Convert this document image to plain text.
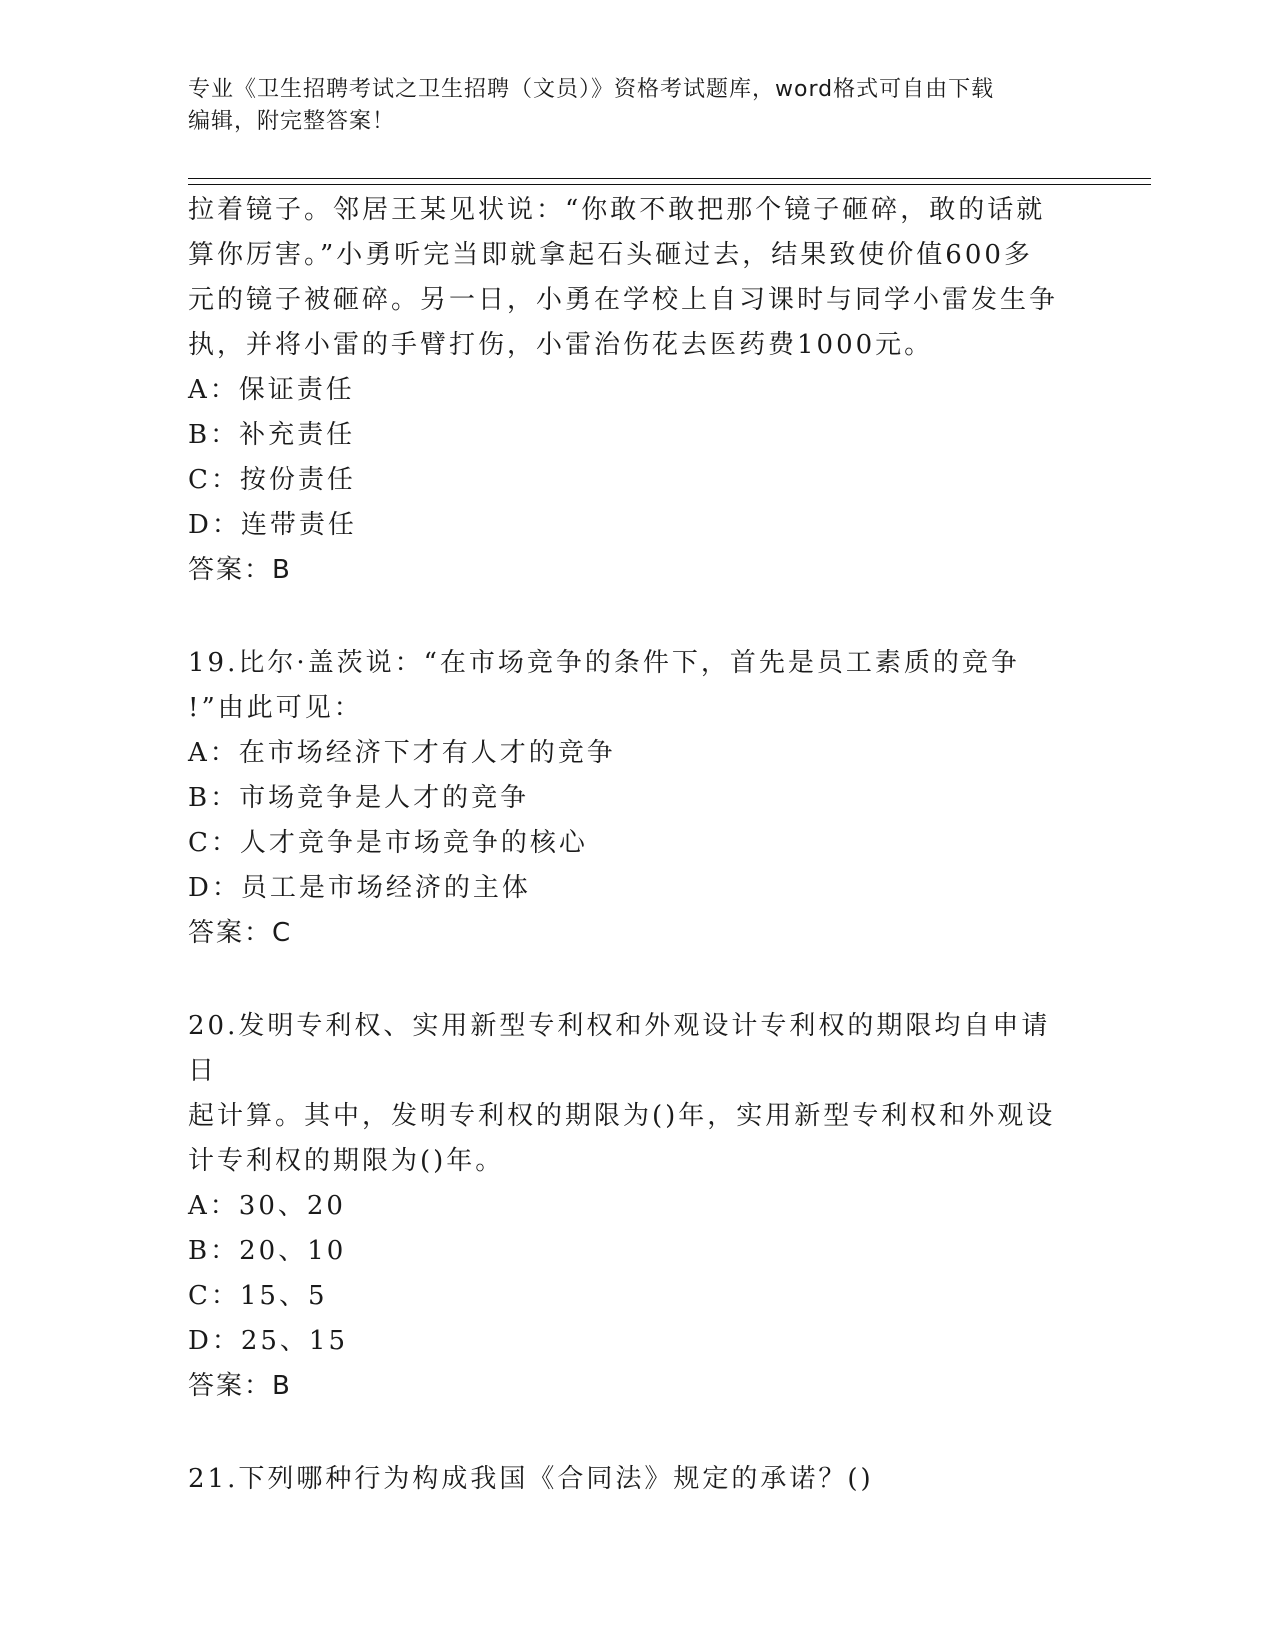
专业《卫生招聘考试之卫生招聘（文员）》资格考试题库，word格式可自由下载
编辑，附完整答案！

拉着镜子。邻居王某见状说：“你敢不敢把那个镜子砸碎，敢的话就

算你厉害。”小勇听完当即就拿起石头砸过去，结果致使价值600多

元的镜子被砸碎。另一日，小勇在学校上自习课时与同学小雷发生争

执，并将小雷的手臂打伤，小雷治伤花去医药费1000元。

A：保证责任

B：补充责任

C：按份责任

D：连带责任

答案：B

19.比尔·盖茨说：“在市场竞争的条件下，首先是员工素质的竞争

!”由此可见：

A：在市场经济下才有人才的竞争

B：市场竞争是人才的竞争

C：人才竞争是市场竞争的核心

D：员工是市场经济的主体

答案：C

20.发明专利权、实用新型专利权和外观设计专利权的期限均自申请日

起计算。其中，发明专利权的期限为()年，实用新型专利权和外观设

计专利权的期限为()年。

A：30、20

B：20、10

C：15、5

D：25、15

答案：B

21.下列哪种行为构成我国《合同法》规定的承诺？()
